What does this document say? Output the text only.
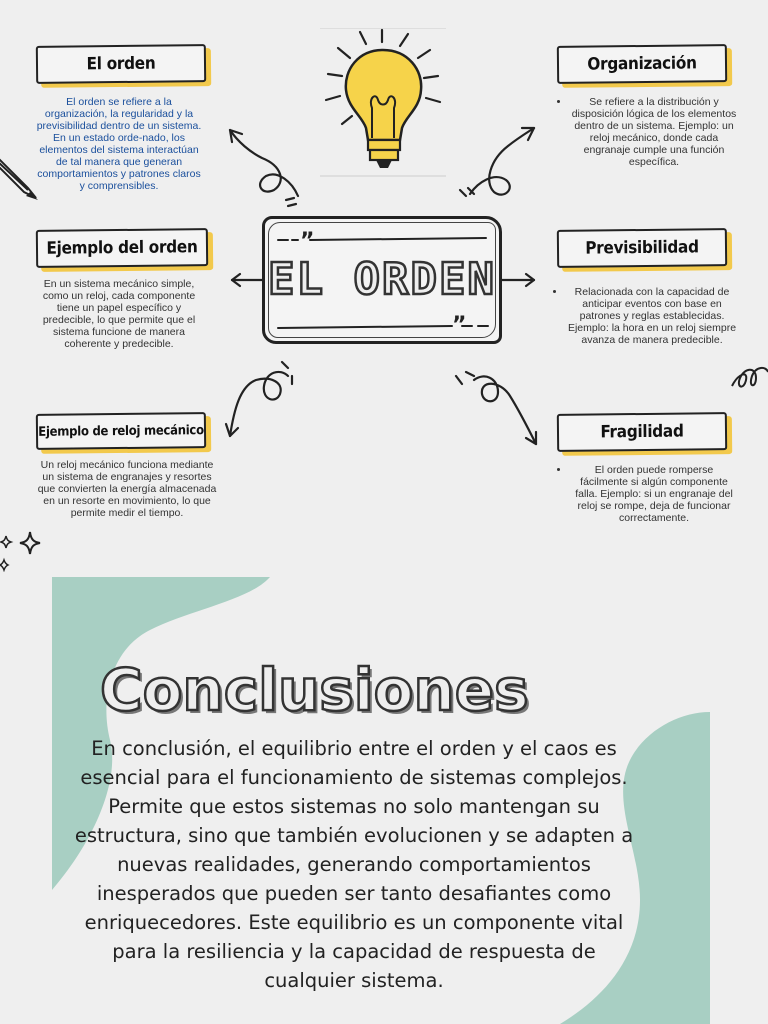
”
”
EL ORDEN
El orden
El orden se refiere a la organización, la regularidad y la previsibilidad dentro de un sistema. En un estado orde-nado, los elementos del sistema interactúan de tal manera que generan comportamientos y patrones claros y comprensibles.
Ejemplo del orden
En un sistema mecánico simple, como un reloj, cada componente tiene un papel específico y predecible, lo que permite que el sistema funcione de manera coherente y predecible.
Ejemplo de reloj mecánico
Un reloj mecánico funciona mediante un sistema de engranajes y resortes que convierten la energía almacenada en un resorte en movimiento, lo que permite medir el tiempo.
Organización
• Se refiere a la distribución y disposición lógica de los elementos dentro de un sistema. Ejemplo: un reloj mecánico, donde cada engranaje cumple una función específica.
Previsibilidad
• Relacionada con la capacidad de anticipar eventos con base en patrones y reglas establecidas. Ejemplo: la hora en un reloj siempre avanza de manera predecible.
Fragilidad
• El orden puede romperse fácilmente si algún componente falla. Ejemplo: si un engranaje del reloj se rompe, deja de funcionar correctamente.
Conclusiones
En conclusión, el equilibrio entre el orden y el caos es esencial para el funcionamiento de sistemas complejos. Permite que estos sistemas no solo mantengan su estructura, sino que también evolucionen y se adapten a nuevas realidades, generando comportamientos inesperados que pueden ser tanto desafiantes como enriquecedores. Este equilibrio es un componente vital para la resiliencia y la capacidad de respuesta de cualquier sistema.
